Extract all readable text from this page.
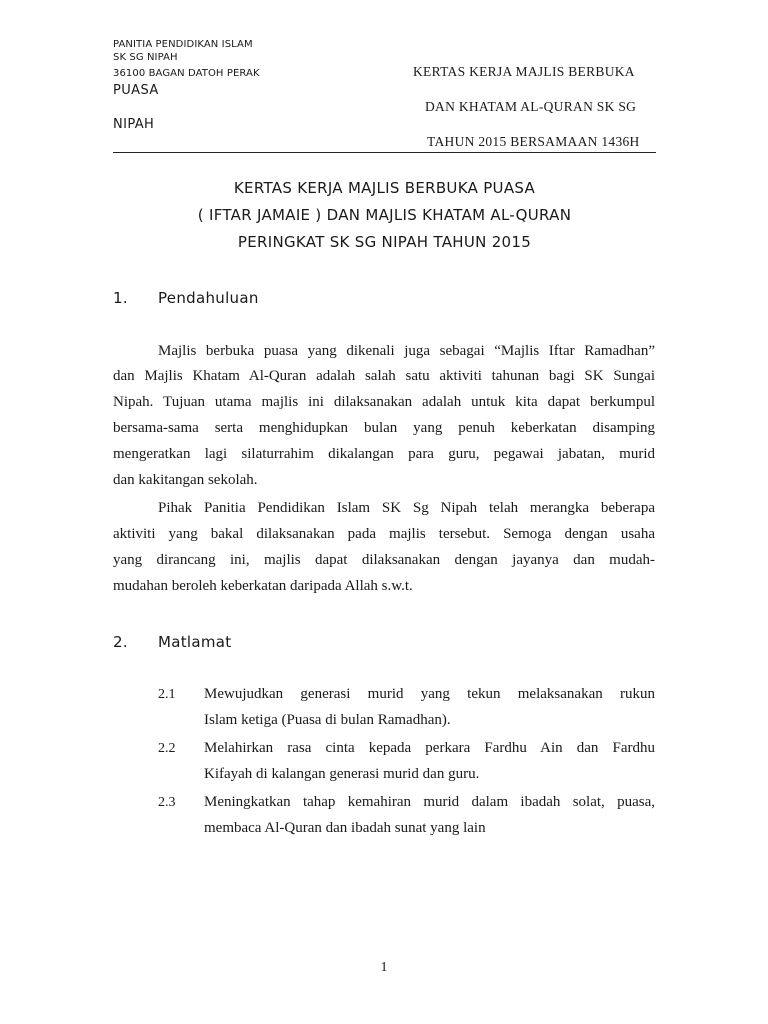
PANITIA PENDIDIKAN ISLAM
SK SG NIPAH
36100 BAGAN DATOH PERAK
PUASA
NIPAH
KERTAS KERJA MAJLIS BERBUKA
DAN KHATAM AL-QURAN SK SG
TAHUN 2015 BERSAMAAN 1436H
KERTAS KERJA MAJLIS BERBUKA PUASA
( IFTAR JAMAIE ) DAN MAJLIS KHATAM AL-QURAN
PERINGKAT SK SG NIPAH TAHUN 2015
1. Pendahuluan
Majlis berbuka puasa yang dikenali juga sebagai “Majlis Iftar Ramadhan”
dan Majlis Khatam Al-Quran adalah salah satu aktiviti tahunan bagi SK Sungai
Nipah. Tujuan utama majlis ini dilaksanakan adalah untuk kita dapat berkumpul
bersama-sama serta menghidupkan bulan yang penuh keberkatan disamping
mengeratkan lagi silaturrahim dikalangan para guru, pegawai jabatan, murid
dan kakitangan sekolah.
Pihak Panitia Pendidikan Islam SK Sg Nipah telah merangka beberapa
aktiviti yang bakal dilaksanakan pada majlis tersebut. Semoga dengan usaha
yang dirancang ini, majlis dapat dilaksanakan dengan jayanya dan mudah-
mudahan beroleh keberkatan daripada Allah s.w.t.
2. Matlamat
2.1 Mewujudkan generasi murid yang tekun melaksanakan rukun
Islam ketiga (Puasa di bulan Ramadhan).
2.2 Melahirkan rasa cinta kepada perkara Fardhu Ain dan Fardhu
Kifayah di kalangan generasi murid dan guru.
2.3 Meningkatkan tahap kemahiran murid dalam ibadah solat, puasa,
membaca Al-Quran dan ibadah sunat yang lain
1
